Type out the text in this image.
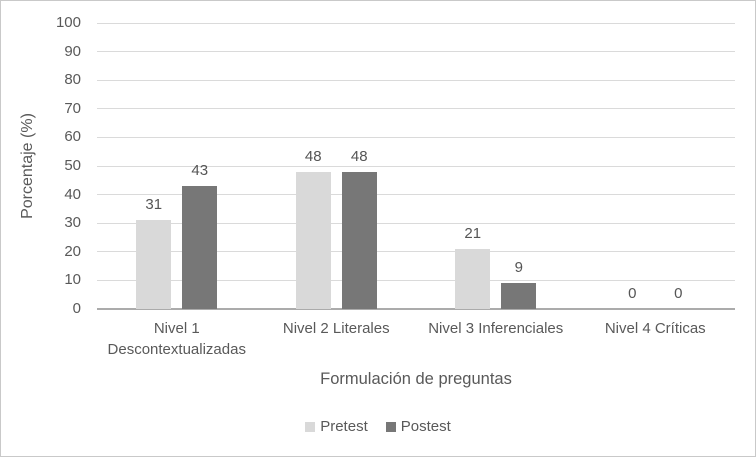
Porcentaje (%)
0
10
20
30
40
50
60
70
80
90
100
31
43
48 48
21
9
0	0
Nivel 1 Descontextualizadas
Nivel 2 Literales	Nivel 3 Inferenciales	Nivel 4 Críticas
Formulación de preguntas
Pretest Postest
